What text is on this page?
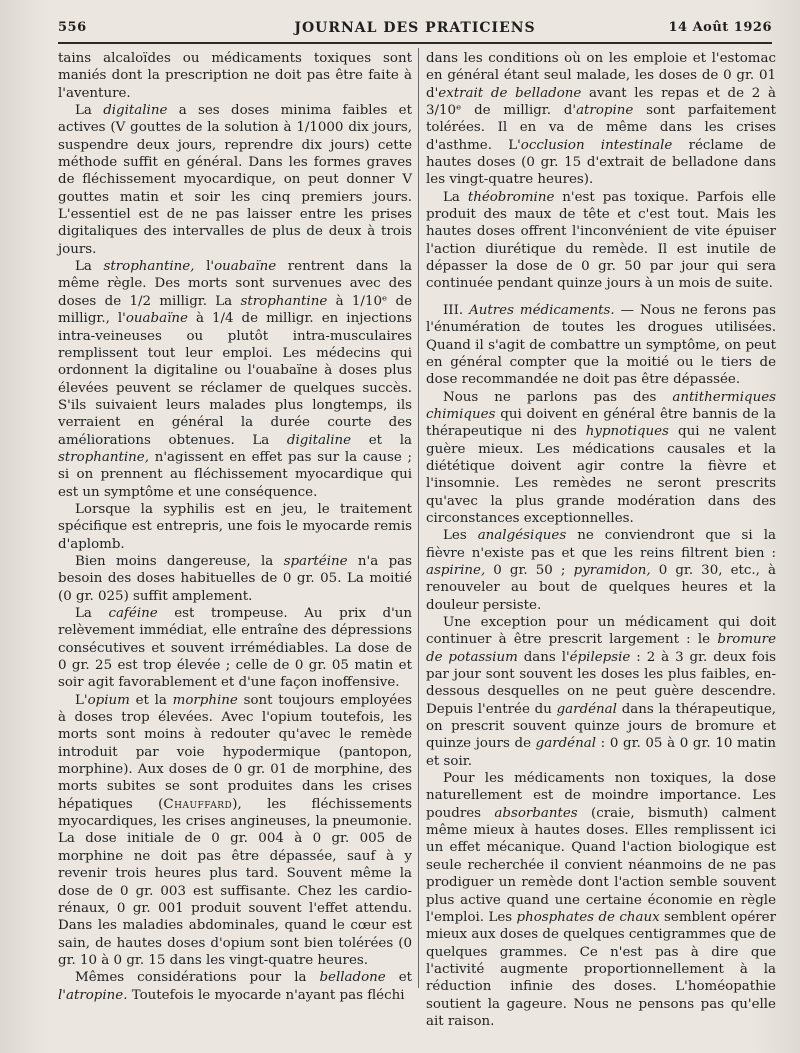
556	JOURNAL DES PRATICIENS	14 Août 1926

tains alcaloïdes ou médicaments toxiques sont maniés dont la prescription ne doit pas être faite à l'aventure.

La digitaline a ses doses minima faibles et actives (V gouttes de la solution à 1/1000 dix jours, suspendre deux jours, reprendre dix jours) cette méthode suffit en général. Dans les formes graves de fléchissement myocardique, on peut donner V gouttes matin et soir les cinq premiers jours. L'essentiel est de ne pas laisser entre les prises digitaliques des intervalles de plus de deux à trois jours.

La strophantine, l'ouabaïne rentrent dans la même règle. Des morts sont survenues avec des doses de 1/2 milligr. La strophantine à 1/10ᵉ de milligr., l'ouabaïne à 1/4 de milligr. en injections intra-veineuses ou plutôt intra-musculaires remplissent tout leur emploi. Les médecins qui ordonnent la digitaline ou l'ouabaïne à doses plus élevées peuvent se réclamer de quelques succès. S'ils suivaient leurs malades plus longtemps, ils verraient en général la durée courte des améliorations obtenues. La digitaline et la strophantine, n'agissent en effet pas sur la cause ; si on prennent au fléchissement myocardique qui est un symptôme et une conséquence.

Lorsque la syphilis est en jeu, le traitement spécifique est entrepris, une fois le myocarde remis d'aplomb.

Bien moins dangereuse, la spartéine n'a pas besoin des doses habituelles de 0 gr. 05. La moitié (0 gr. 025) suffit amplement.

La caféine est trompeuse. Au prix d'un relèvement immédiat, elle entraîne des dépressions consécutives et souvent irrémédiables. La dose de 0 gr. 25 est trop élevée ; celle de 0 gr. 05 matin et soir agit favorablement et d'une façon inoffensive.

L'opium et la morphine sont toujours employées à doses trop élevées. Avec l'opium toutefois, les morts sont moins à redouter qu'avec le remède introduit par voie hypodermique (pantopon, morphine). Aux doses de 0 gr. 01 de morphine, des morts subites se sont produites dans les crises hépatiques (Chauffard), les fléchissements myocardiques, les crises angineuses, la pneumonie. La dose initiale de 0 gr. 004 à 0 gr. 005 de morphine ne doit pas être dépassée, sauf à y revenir trois heures plus tard. Souvent même la dose de 0 gr. 003 est suffisante. Chez les cardio-rénaux, 0 gr. 001 produit souvent l'effet attendu. Dans les maladies abdominales, quand le cœur est sain, de hautes doses d'opium sont bien tolérées (0 gr. 10 à 0 gr. 15 dans les vingt-quatre heures.

Mêmes considérations pour la belladone et l'atropine. Toutefois le myocarde n'ayant pas fléchi

dans les conditions où on les emploie et l'estomac en général étant seul malade, les doses de 0 gr. 01 d'extrait de belladone avant les repas et de 2 à 3/10ᵉ de milligr. d'atropine sont parfaitement tolérées. Il en va de même dans les crises d'asthme. L'occlusion intestinale réclame de hautes doses (0 gr. 15 d'extrait de belladone dans les vingt-quatre heures).

La théobromine n'est pas toxique. Parfois elle produit des maux de tête et c'est tout. Mais les hautes doses offrent l'inconvénient de vite épuiser l'action diurétique du remède. Il est inutile de dépasser la dose de 0 gr. 50 par jour qui sera continuée pendant quinze jours à un mois de suite.

III. Autres médicaments. — Nous ne ferons pas l'énumération de toutes les drogues utilisées. Quand il s'agit de combattre un symptôme, on peut en général compter que la moitié ou le tiers de dose recommandée ne doit pas être dépassée.

Nous ne parlons pas des antithermiques chimiques qui doivent en général être bannis de la thérapeutique ni des hypnotiques qui ne valent guère mieux. Les médications causales et la diététique doivent agir contre la fièvre et l'insomnie. Les remèdes ne seront prescrits qu'avec la plus grande modération dans des circonstances exceptionnelles.

Les analgésiques ne conviendront que si la fièvre n'existe pas et que les reins filtrent bien : aspirine, 0 gr. 50 ; pyramidon, 0 gr. 30, etc., à renouveler au bout de quelques heures et la douleur persiste.

Une exception pour un médicament qui doit continuer à être prescrit largement : le bromure de potassium dans l'épilepsie : 2 à 3 gr. deux fois par jour sont souvent les doses les plus faibles, en-dessous desquelles on ne peut guère descendre. Depuis l'entrée du gardénal dans la thérapeutique, on prescrit souvent quinze jours de bromure et quinze jours de gardénal : 0 gr. 05 à 0 gr. 10 matin et soir.

Pour les médicaments non toxiques, la dose naturellement est de moindre importance. Les poudres absorbantes (craie, bismuth) calment même mieux à hautes doses. Elles remplissent ici un effet mécanique. Quand l'action biologique est seule recherchée il convient néanmoins de ne pas prodiguer un remède dont l'action semble souvent plus active quand une certaine économie en règle l'emploi. Les phosphates de chaux semblent opérer mieux aux doses de quelques centigrammes que de quelques grammes. Ce n'est pas à dire que l'activité augmente proportionnellement à la réduction infinie des doses. L'homéopathie soutient la gageure. Nous ne pensons pas qu'elle ait raison.
